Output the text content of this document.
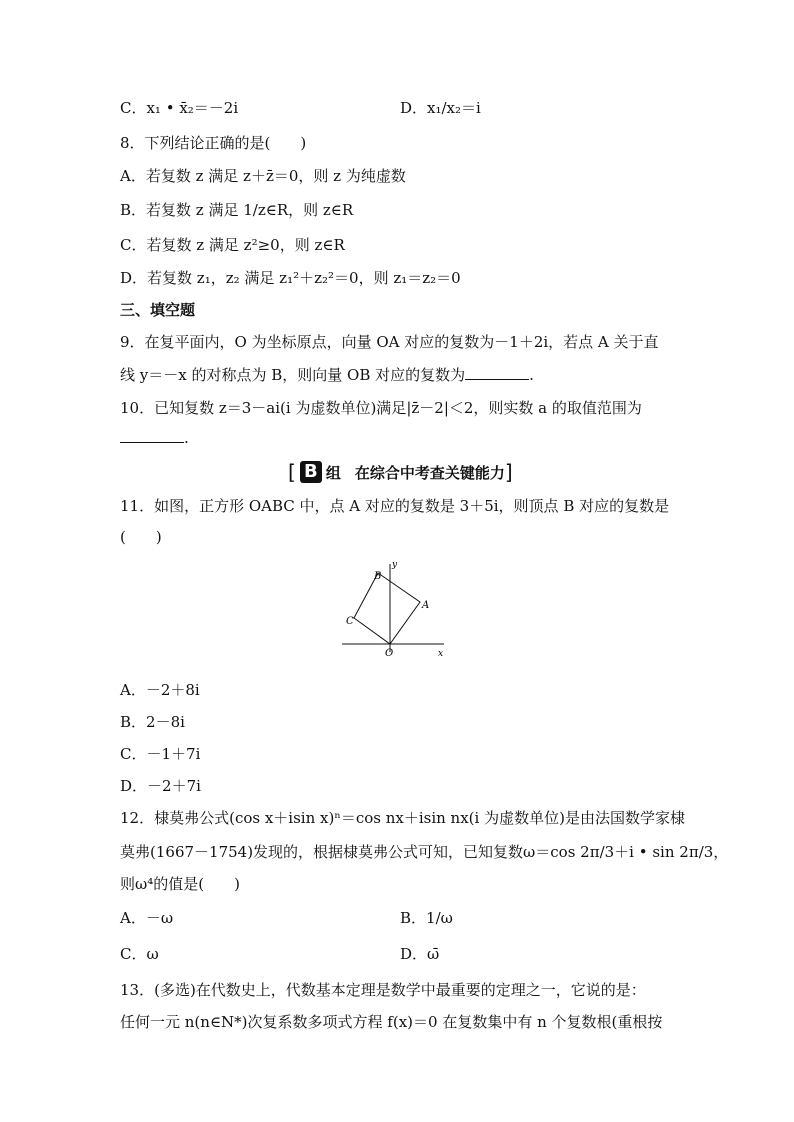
C．x₁ • x̄₂＝－2i	D．x₁/x₂＝i
8．下列结论正确的是(　　)
A．若复数 z 满足 z＋z̄＝0，则 z 为纯虚数
B．若复数 z 满足 1/z∈R，则 z∈R
C．若复数 z 满足 z²≥0，则 z∈R
D．若复数 z₁，z₂ 满足 z₁²＋z₂²＝0，则 z₁＝z₂＝0
三、填空题
9．在复平面内，O 为坐标原点，向量 OA 对应的复数为－1＋2i，若点 A 关于直
线 y＝－x 的对称点为 B，则向量 OB 对应的复数为	.
10．已知复数 z＝3－ai(i 为虚数单位)满足|z̄－2|＜2，则实数 a 的取值范围为
.
[ B 组 在综合中考查关键能力 ]
11．如图，正方形 OABC 中，点 A 对应的复数是 3＋5i，则顶点 B 对应的复数是
(　　)
y
x
O
A
B
C
A．－2＋8i
B．2－8i
C．－1＋7i
D．－2＋7i
12．棣莫弗公式(cos x＋isin x)ⁿ＝cos nx＋isin nx(i 为虚数单位)是由法国数学家棣
莫弗(1667－1754)发现的，根据棣莫弗公式可知，已知复数ω＝cos 2π/3＋i • sin 2π/3，
则ω⁴的值是(　　)
A．－ω	B．1/ω
C．ω	D．ω̄
13．(多选)在代数史上，代数基本定理是数学中最重要的定理之一，它说的是：
任何一元 n(n∈N*)次复系数多项式方程 f(x)＝0 在复数集中有 n 个复数根(重根按
